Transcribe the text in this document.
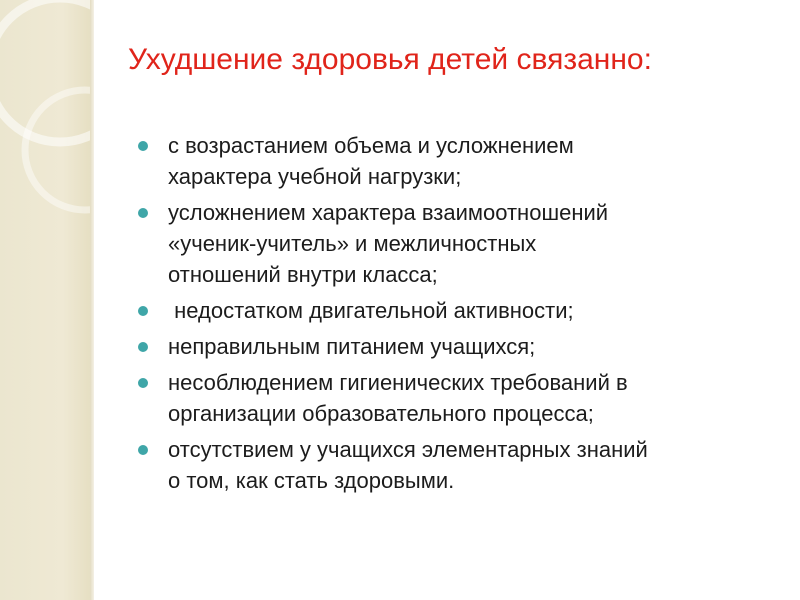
Ухудшение здоровья детей связанно:
с возрастанием объема и усложнением
характера учебной нагрузки;
усложнением характера взаимоотношений
«ученик-учитель» и межличностных
отношений внутри класса;
недостатком двигательной активности;
неправильным питанием учащихся;
несоблюдением гигиенических требований в
организации образовательного процесса;
отсутствием у учащихся элементарных знаний
о том, как стать здоровыми.
